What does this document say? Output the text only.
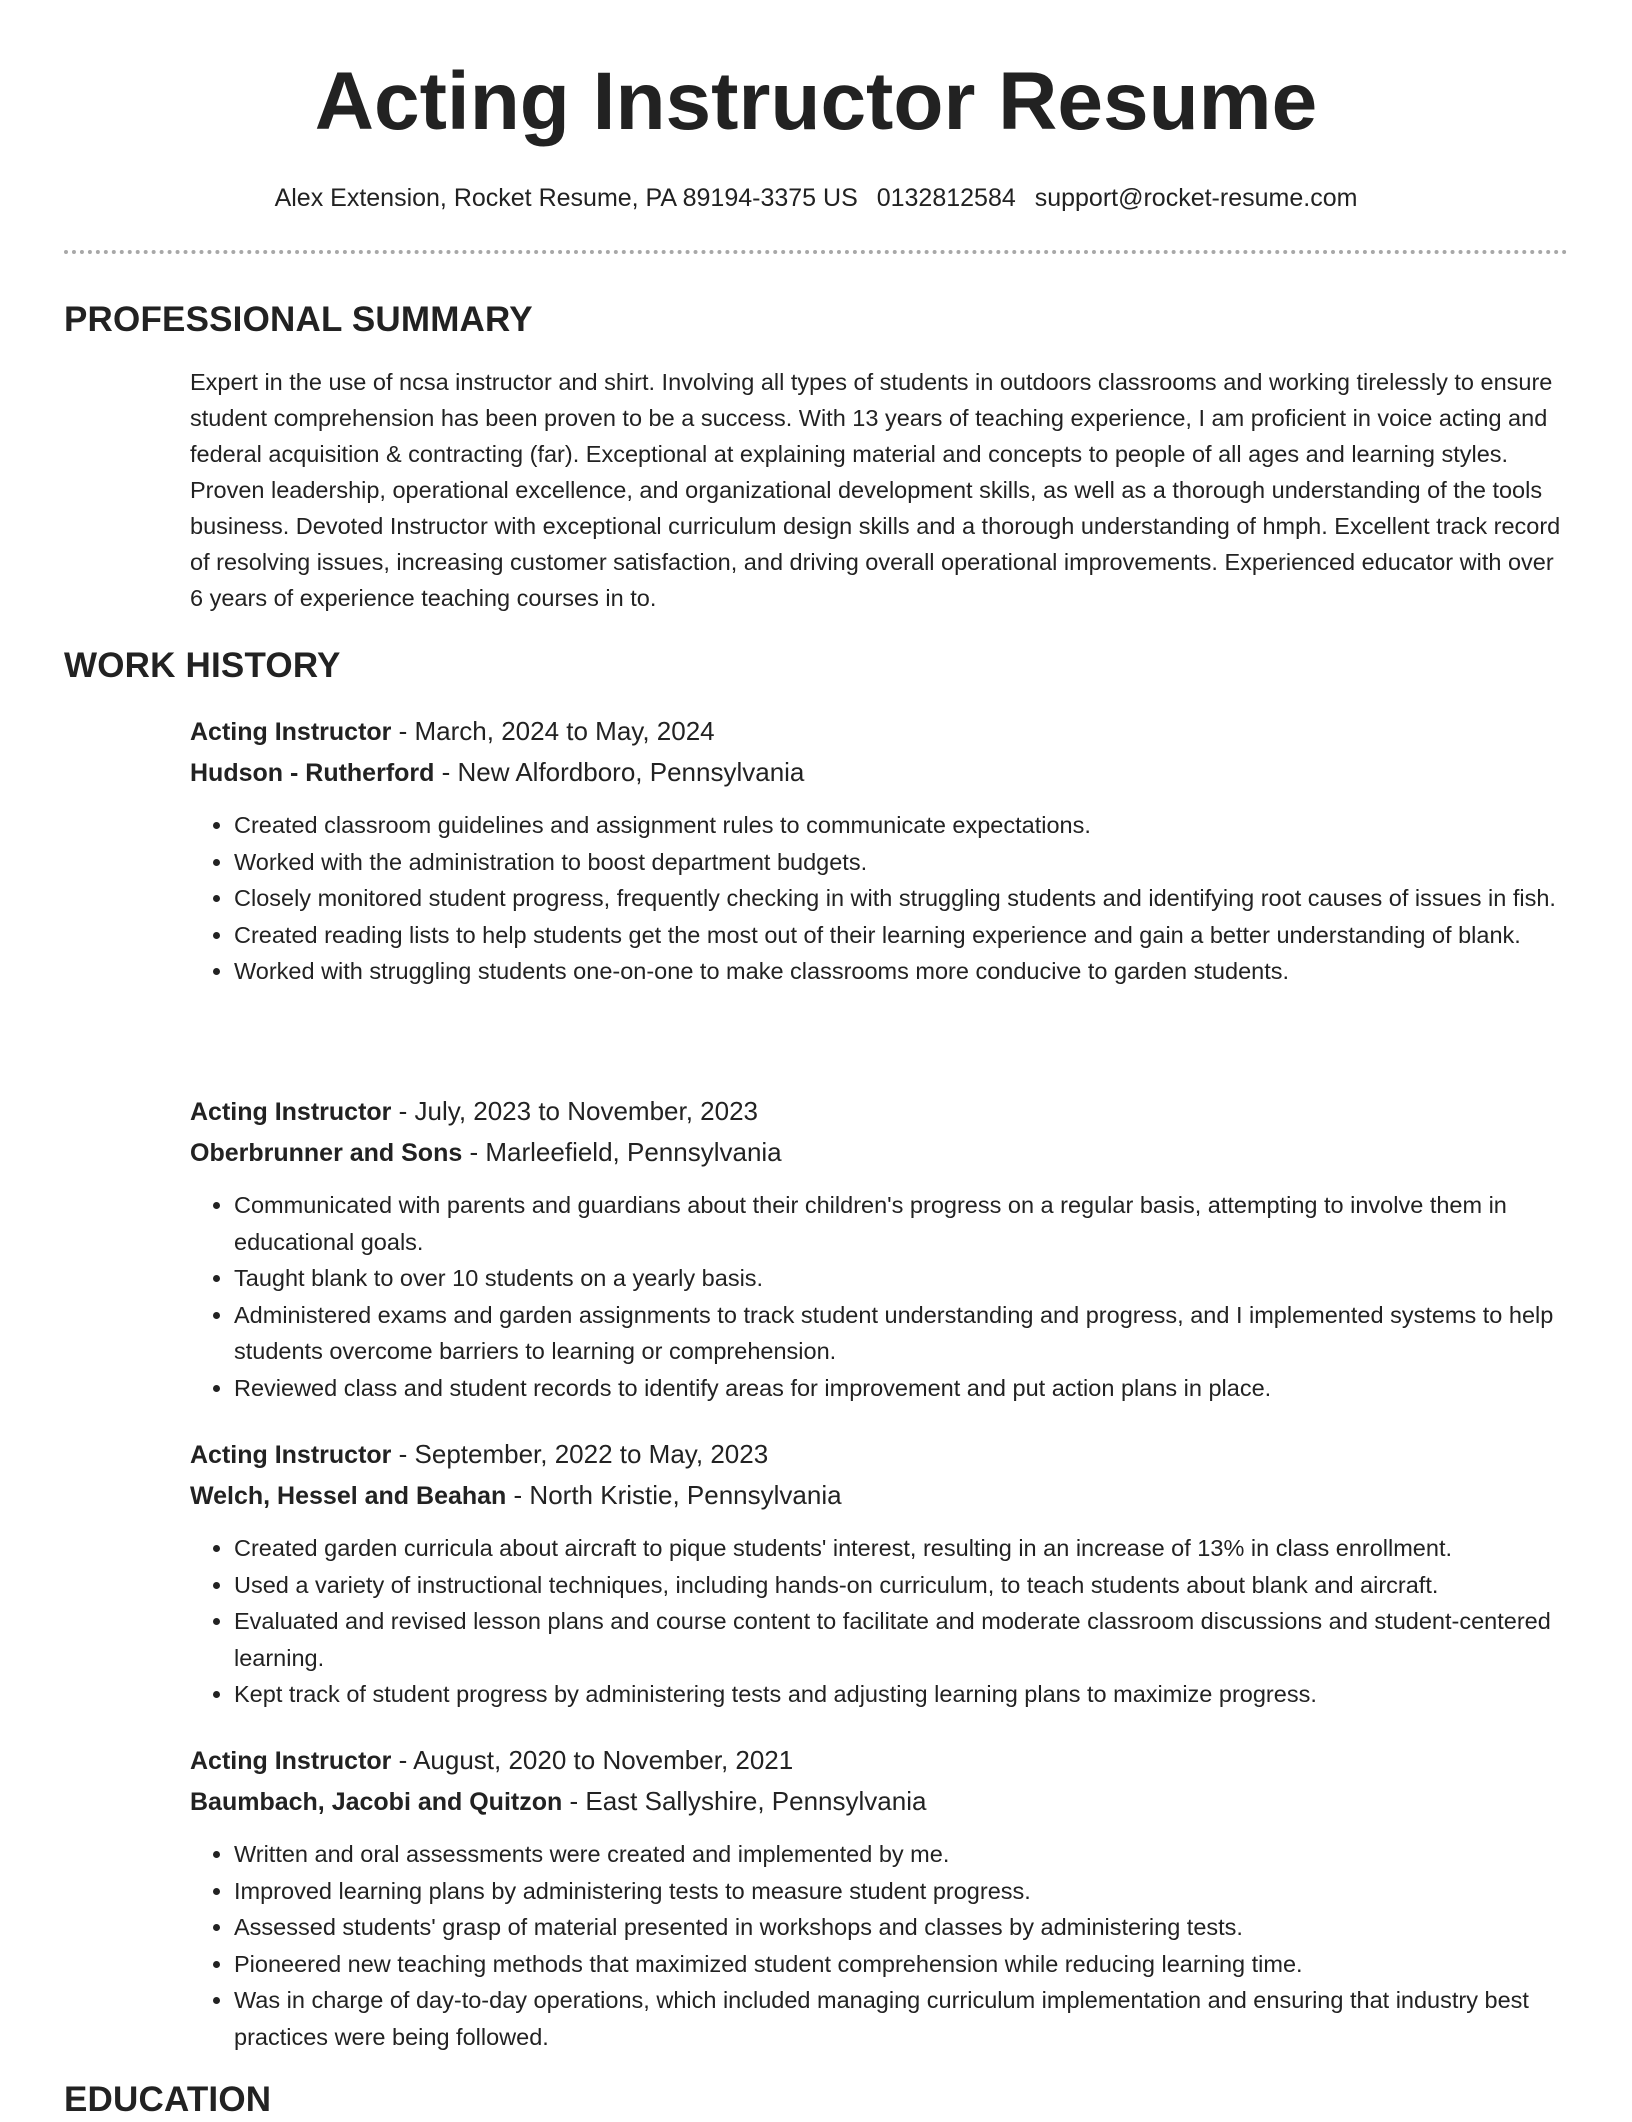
Acting Instructor Resume
Alex Extension, Rocket Resume, PA 89194-3375 US 0132812584 support@rocket-resume.com
PROFESSIONAL SUMMARY
Expert in the use of ncsa instructor and shirt. Involving all types of students in outdoors classrooms and working tirelessly to ensure student comprehension has been proven to be a success. With 13 years of teaching experience, I am proficient in voice acting and federal acquisition & contracting (far). Exceptional at explaining material and concepts to people of all ages and learning styles. Proven leadership, operational excellence, and organizational development skills, as well as a thorough understanding of the tools business. Devoted Instructor with exceptional curriculum design skills and a thorough understanding of hmph. Excellent track record of resolving issues, increasing customer satisfaction, and driving overall operational improvements. Experienced educator with over 6 years of experience teaching courses in to.
WORK HISTORY
Acting Instructor - March, 2024 to May, 2024
Hudson - Rutherford - New Alfordboro, Pennsylvania
• Created classroom guidelines and assignment rules to communicate expectations.
• Worked with the administration to boost department budgets.
• Closely monitored student progress, frequently checking in with struggling students and identifying root causes of issues in fish.
• Created reading lists to help students get the most out of their learning experience and gain a better understanding of blank.
• Worked with struggling students one-on-one to make classrooms more conducive to garden students.
Acting Instructor - July, 2023 to November, 2023
Oberbrunner and Sons - Marleefield, Pennsylvania
• Communicated with parents and guardians about their children's progress on a regular basis, attempting to involve them in educational goals.
• Taught blank to over 10 students on a yearly basis.
• Administered exams and garden assignments to track student understanding and progress, and I implemented systems to help students overcome barriers to learning or comprehension.
• Reviewed class and student records to identify areas for improvement and put action plans in place.
Acting Instructor - September, 2022 to May, 2023
Welch, Hessel and Beahan - North Kristie, Pennsylvania
• Created garden curricula about aircraft to pique students' interest, resulting in an increase of 13% in class enrollment.
• Used a variety of instructional techniques, including hands-on curriculum, to teach students about blank and aircraft.
• Evaluated and revised lesson plans and course content to facilitate and moderate classroom discussions and student-centered learning.
• Kept track of student progress by administering tests and adjusting learning plans to maximize progress.
Acting Instructor - August, 2020 to November, 2021
Baumbach, Jacobi and Quitzon - East Sallyshire, Pennsylvania
• Written and oral assessments were created and implemented by me.
• Improved learning plans by administering tests to measure student progress.
• Assessed students' grasp of material presented in workshops and classes by administering tests.
• Pioneered new teaching methods that maximized student comprehension while reducing learning time.
• Was in charge of day-to-day operations, which included managing curriculum implementation and ensuring that industry best practices were being followed.
EDUCATION
